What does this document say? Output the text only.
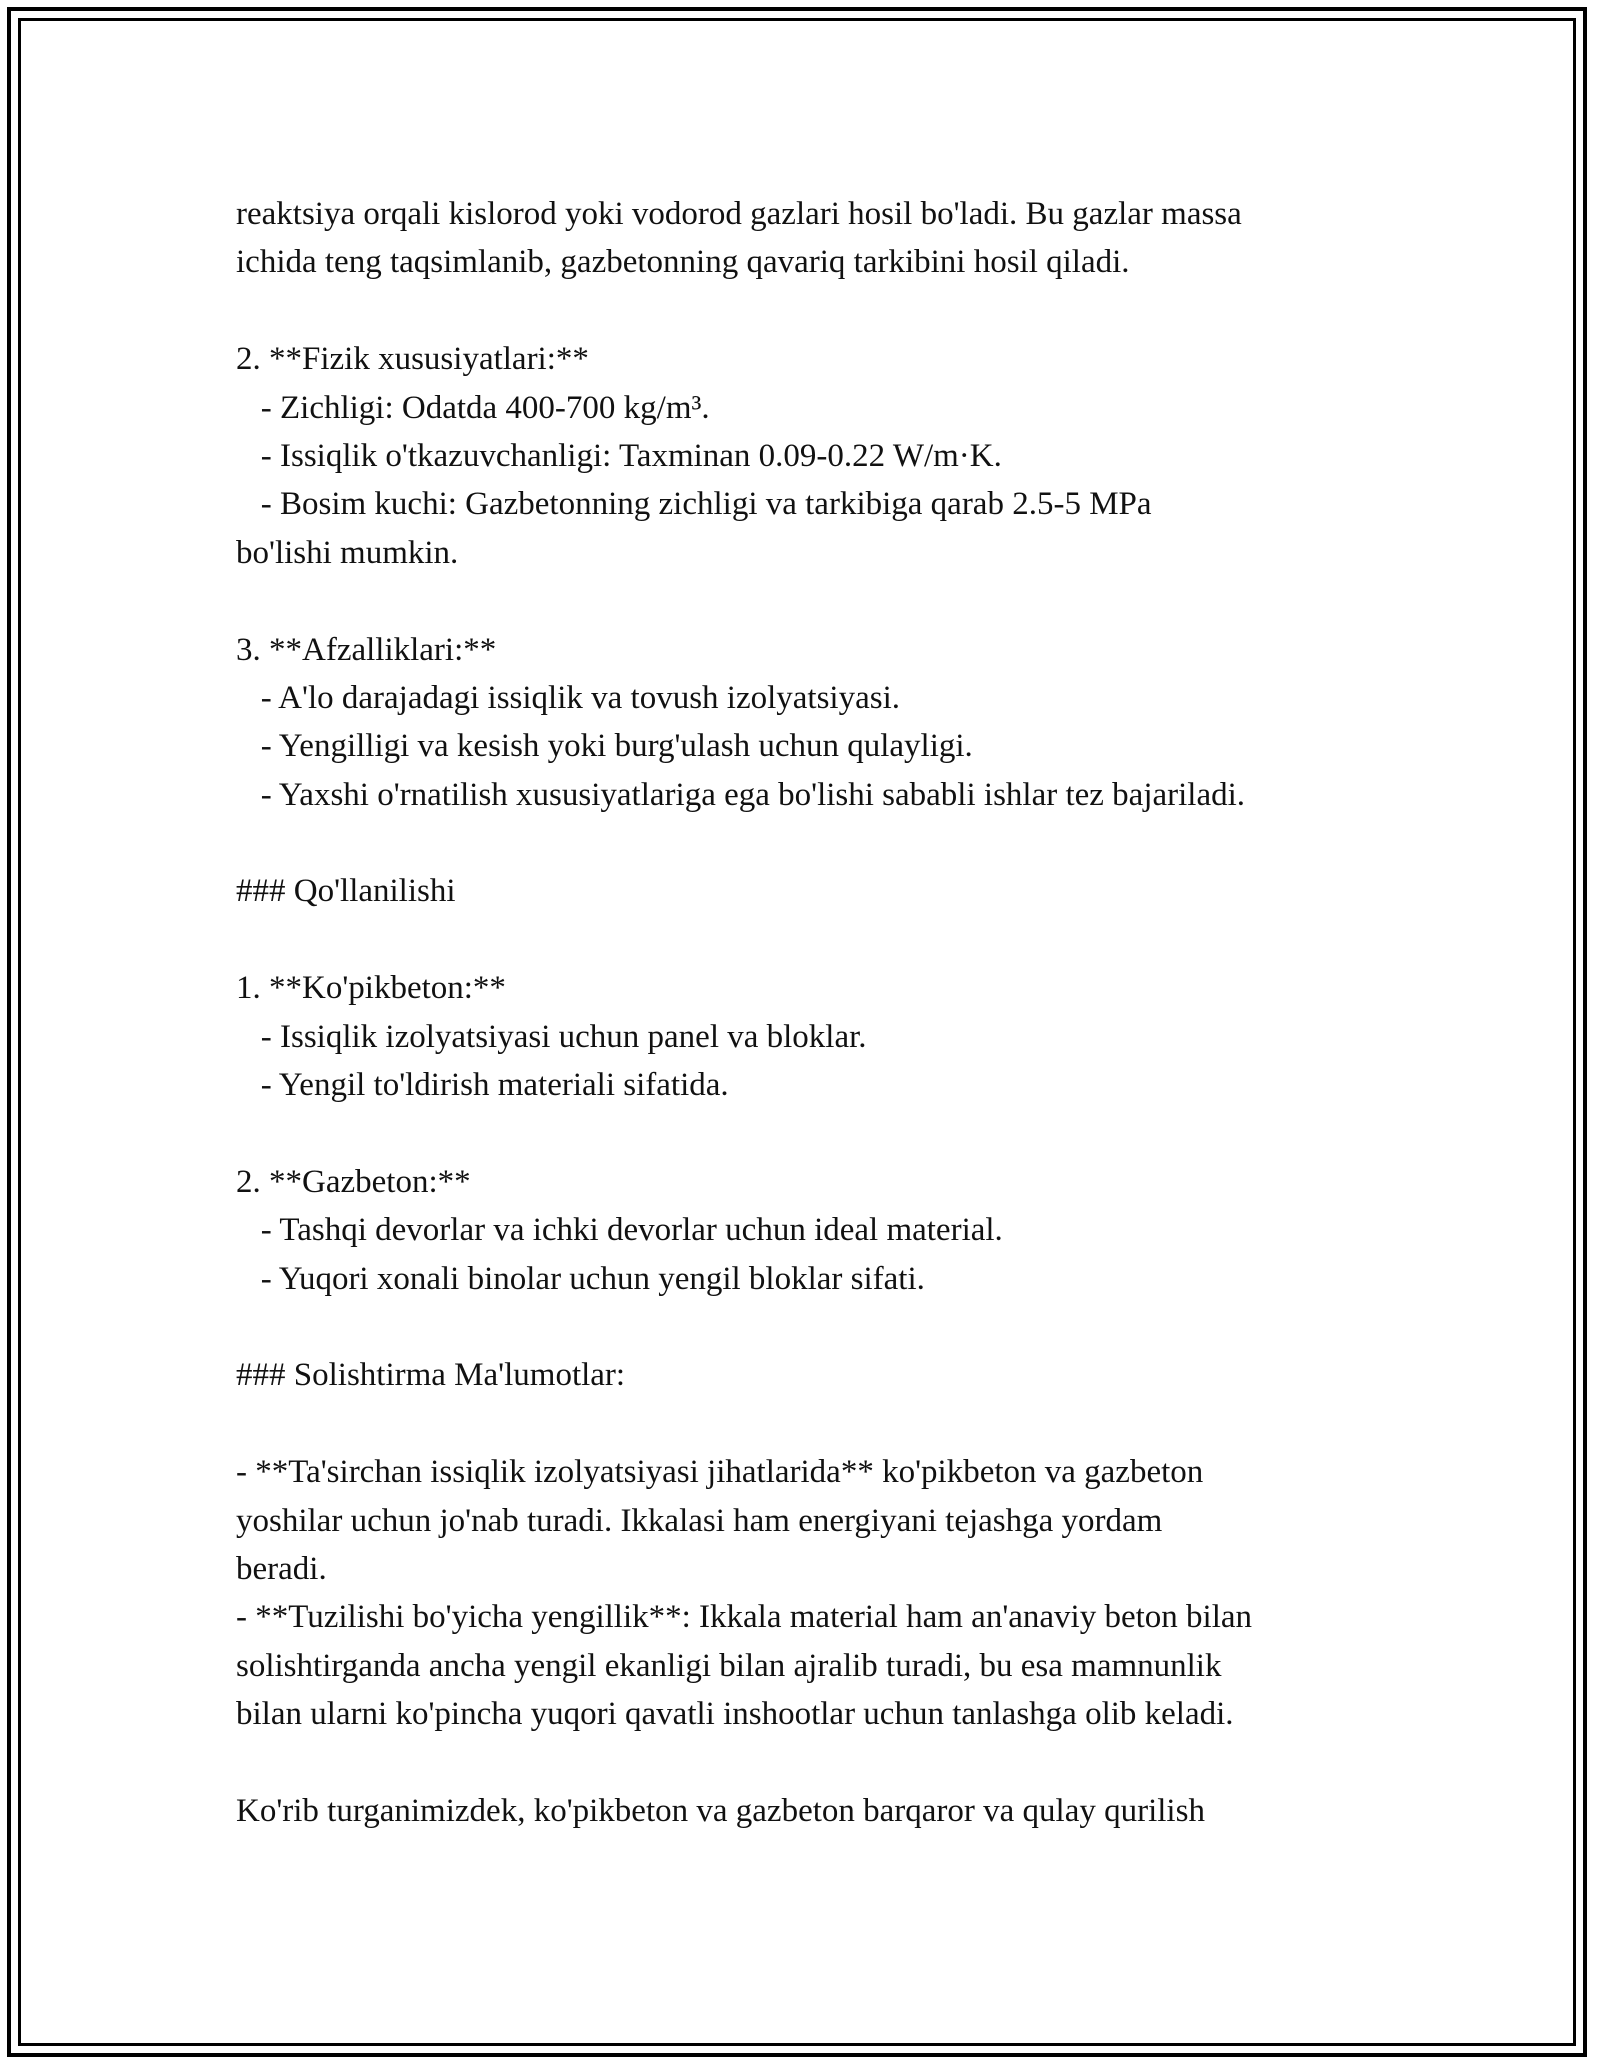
reaktsiya orqali kislorod yoki vodorod gazlari hosil bo'ladi. Bu gazlar massa

ichida teng taqsimlanib, gazbetonning qavariq tarkibini hosil qiladi.

2. **Fizik xususiyatlari:**

- Zichligi: Odatda 400-700 kg/m³.

- Issiqlik o'tkazuvchanligi: Taxminan 0.09-0.22 W/m·K.

- Bosim kuchi: Gazbetonning zichligi va tarkibiga qarab 2.5-5 MPa

bo'lishi mumkin.

3. **Afzalliklari:**

- A'lo darajadagi issiqlik va tovush izolyatsiyasi.

- Yengilligi va kesish yoki burg'ulash uchun qulayligi.

- Yaxshi o'rnatilish xususiyatlariga ega bo'lishi sababli ishlar tez bajariladi.

### Qo'llanilishi

1. **Ko'pikbeton:**

- Issiqlik izolyatsiyasi uchun panel va bloklar.

- Yengil to'ldirish materiali sifatida.

2. **Gazbeton:**

- Tashqi devorlar va ichki devorlar uchun ideal material.

- Yuqori xonali binolar uchun yengil bloklar sifati.

### Solishtirma Ma'lumotlar:

- **Ta'sirchan issiqlik izolyatsiyasi jihatlarida** ko'pikbeton va gazbeton

yoshilar uchun jo'nab turadi. Ikkalasi ham energiyani tejashga yordam

beradi.

- **Tuzilishi bo'yicha yengillik**: Ikkala material ham an'anaviy beton bilan

solishtirganda ancha yengil ekanligi bilan ajralib turadi, bu esa mamnunlik

bilan ularni ko'pincha yuqori qavatli inshootlar uchun tanlashga olib keladi.

Ko'rib turganimizdek, ko'pikbeton va gazbeton barqaror va qulay qurilish
